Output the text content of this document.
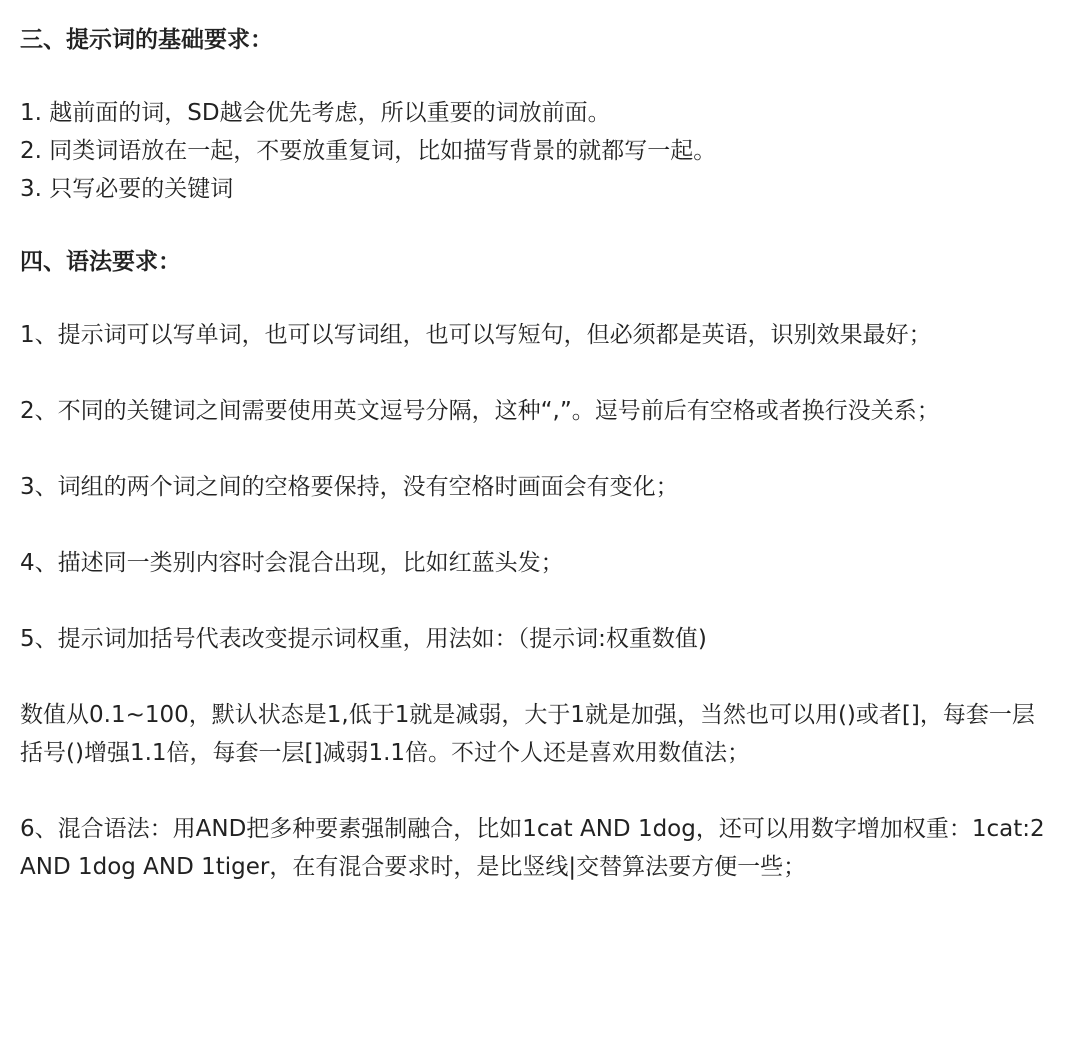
三、提示词的基础要求：

1. 越前面的词，SD越会优先考虑，所以重要的词放前面。

2. 同类词语放在一起，不要放重复词，比如描写背景的就都写一起。

3. 只写必要的关键词

四、语法要求：

1、提示词可以写单词，也可以写词组，也可以写短句，但必须都是英语，识别效果最好；

2、不同的关键词之间需要使用英文逗号分隔，这种“,”。逗号前后有空格或者换行没关系；

3、词组的两个词之间的空格要保持，没有空格时画面会有变化；

4、描述同一类别内容时会混合出现，比如红蓝头发；

5、提示词加括号代表改变提示词权重，用法如：（提示词:权重数值)

数值从0.1~100，默认状态是1,低于1就是减弱，大于1就是加强，当然也可以用()或者[]，每套一层括号()增强1.1倍，每套一层[]减弱1.1倍。不过个人还是喜欢用数值法；

6、混合语法：用AND把多种要素强制融合，比如1cat AND 1dog，还可以用数字增加权重：1cat:2 AND 1dog AND 1tiger，在有混合要求时，是比竖线|交替算法要方便一些；
